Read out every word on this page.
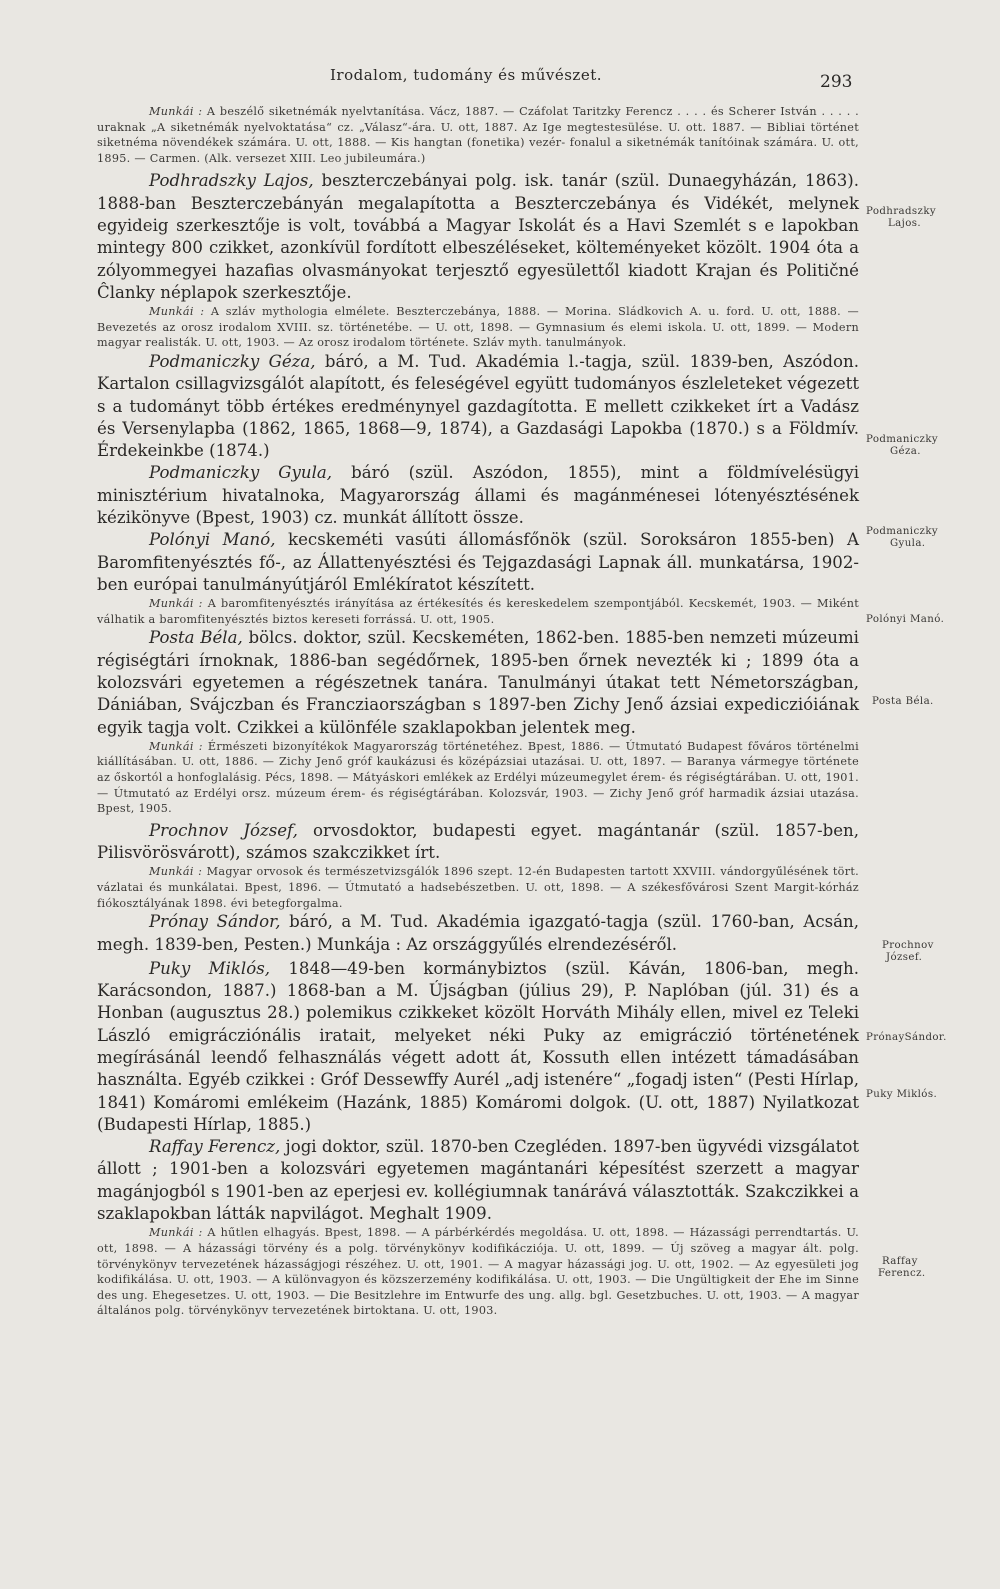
Irodalom, tudomány és művészet.	293

Munkái : A beszélő siketnémák nyelvtanítása. Vácz, 1887. — Czáfolat Taritzky Ferencz . . . . és Scherer István . . . . . uraknak „A siketnémák nyelvoktatása“ cz. „Válasz“-ára. U. ott, 1887. Az Ige megtestesülése. U. ott. 1887. — Bibliai történet siketnéma növendékek számára. U. ott, 1888. — Kis hangtan (fonetika) vezér- fonalul a siketnémák tanítóinak számára. U. ott, 1895. — Carmen. (Alk. versezet XIII. Leo jubileumára.)

Podhradszky Lajos, beszterczebányai polg. isk. tanár (szül. Dunaegyházán, 1863). 1888-ban Beszterczebányán megalapította a Beszterczebánya és Vidékét, melynek egyideig szerkesztője is volt, továbbá a Magyar Iskolát és a Havi Szemlét s e lapokban mintegy 800 czikket, azonkívül fordított elbeszéléseket, költeményeket közölt. 1904 óta a zólyommegyei hazafias olvasmányokat terjesztő egyesülettől kiadott Krajan és Političné Ĉlanky néplapok szerkesztője.

Munkái : A szláv mythologia elmélete. Beszterczebánya, 1888. — Morina. Sládkovich A. u. ford. U. ott, 1888. — Bevezetés az orosz irodalom XVIII. sz. történetébe. — U. ott, 1898. — Gymnasium és elemi iskola. U. ott, 1899. — Modern magyar realisták. U. ott, 1903. — Az orosz irodalom története. Szláv myth. tanulmányok.

Podmaniczky Géza, báró, a M. Tud. Akadémia l.-tagja, szül. 1839-ben, Aszódon. Kartalon csillagvizsgálót alapított, és feleségével együtt tudományos észleleteket végezett s a tudományt több értékes eredménynyel gazdagította. E mellett czikkeket írt a Vadász és Versenylapba (1862, 1865, 1868—9, 1874), a Gazdasági Lapokba (1870.) s a Földmív. Érdekeinkbe (1874.)

Podmaniczky Gyula, báró (szül. Aszódon, 1855), mint a földmívelésügyi minisztérium hivatalnoka, Magyarország állami és magánménesei lótenyésztésének kézikönyve (Bpest, 1903) cz. munkát állított össze.

Polónyi Manó, kecskeméti vasúti állomásfőnök (szül. Soroksáron 1855-ben) A Baromfitenyésztés fő-, az Állattenyésztési és Tejgazdasági Lapnak áll. munkatársa, 1902-ben európai tanulmányútjáról Emlékíratot készített.

Munkái : A baromfitenyésztés irányítása az értékesítés és kereskedelem szempontjából. Kecskemét, 1903. — Miként válhatik a baromfitenyésztés biztos kereseti forrássá. U. ott, 1905.

Posta Béla, bölcs. doktor, szül. Kecskeméten, 1862-ben. 1885-ben nemzeti múzeumi régiségtári írnoknak, 1886-ban segédőrnek, 1895-ben őrnek nevezték ki ; 1899 óta a kolozsvári egyetemen a régészetnek tanára. Tanulmányi útakat tett Németországban, Dániában, Svájczban és Francziaországban s 1897-ben Zichy Jenő ázsiai expediczióiának egyik tagja volt. Czikkei a különféle szaklapokban jelentek meg.

Munkái : Érmészeti bizonyítékok Magyarország történetéhez. Bpest, 1886. — Útmutató Budapest főváros történelmi kiállításában. U. ott, 1886. — Zichy Jenő gróf kaukázusi és középázsiai utazásai. U. ott, 1897. — Baranya vármegye története az őskortól a honfoglalásig. Pécs, 1898. — Mátyáskori emlékek az Erdélyi múzeumegylet érem- és régiségtárában. U. ott, 1901. — Útmutató az Erdélyi orsz. múzeum érem- és régiségtárában. Kolozsvár, 1903. — Zichy Jenő gróf harmadik ázsiai utazása. Bpest, 1905.

Prochnov József, orvosdoktor, budapesti egyet. magántanár (szül. 1857-ben, Pilisvörösvárott), számos szakczikket írt.

Munkái : Magyar orvosok és természetvizsgálók 1896 szept. 12-én Budapesten tartott XXVIII. vándorgyűlésének tört. vázlatai és munkálatai. Bpest, 1896. — Útmutató a hadsebészetben. U. ott, 1898. — A székesfővárosi Szent Margit-kórház fiókosztályának 1898. évi betegforgalma.

Prónay Sándor, báró, a M. Tud. Akadémia igazgató-tagja (szül. 1760-ban, Acsán, megh. 1839-ben, Pesten.) Munkája : Az országgyűlés elrendezéséről.

Puky Miklós, 1848—49-ben kormánybiztos (szül. Káván, 1806-ban, megh. Karácsondon, 1887.) 1868-ban a M. Újságban (július 29), P. Naplóban (júl. 31) és a Honban (augusztus 28.) polemikus czikkeket közölt Horváth Mihály ellen, mivel ez Teleki László emigrácziónális iratait, melyeket néki Puky az emigráczió történetének megírásánál leendő felhasználás végett adott át, Kossuth ellen intézett támadásában használta. Egyéb czikkei : Gróf Dessewffy Aurél „adj istenére“ „fogadj isten“ (Pesti Hírlap, 1841) Komáromi emlékeim (Hazánk, 1885) Komáromi dolgok. (U. ott, 1887) Nyilatkozat (Budapesti Hírlap, 1885.)

Raffay Ferencz, jogi doktor, szül. 1870-ben Czegléden. 1897-ben ügyvédi vizsgálatot állott ; 1901-ben a kolozsvári egyetemen magántanári képesítést szerzett a magyar magánjogból s 1901-ben az eperjesi ev. kollégiumnak tanárává választották. Szakczikkei a szaklapokban látták napvilágot. Meghalt 1909.

Munkái : A hűtlen elhagyás. Bpest, 1898. — A párbérkérdés megoldása. U. ott, 1898. — Házassági perrendtartás. U. ott, 1898. — A házassági törvény és a polg. törvénykönyv kodifikácziója. U. ott, 1899. — Új szöveg a magyar ált. polg. törvénykönyv tervezetének házasságjogi részéhez. U. ott, 1901. — A magyar házassági jog. U. ott, 1902. — Az egyesületi jog kodifikálása. U. ott, 1903. — A különvagyon és közszerzemény kodifikálása. U. ott, 1903. — Die Ungültigkeit der Ehe im Sinne des ung. Ehegesetzes. U. ott, 1903. — Die Besitzlehre im Entwurfe des ung. allg. bgl. Gesetzbuches. U. ott, 1903. — A magyar általános polg. törvénykönyv tervezetének birtoktana. U. ott, 1903.

Podhradszky
Lajos.
Podmaniczky
Géza.
Podmaniczky
Gyula.
Polónyi Manó.
Posta Béla.
Prochnov
József.
PrónaySándor.
Puky Miklós.
Raffay
Ferencz.
